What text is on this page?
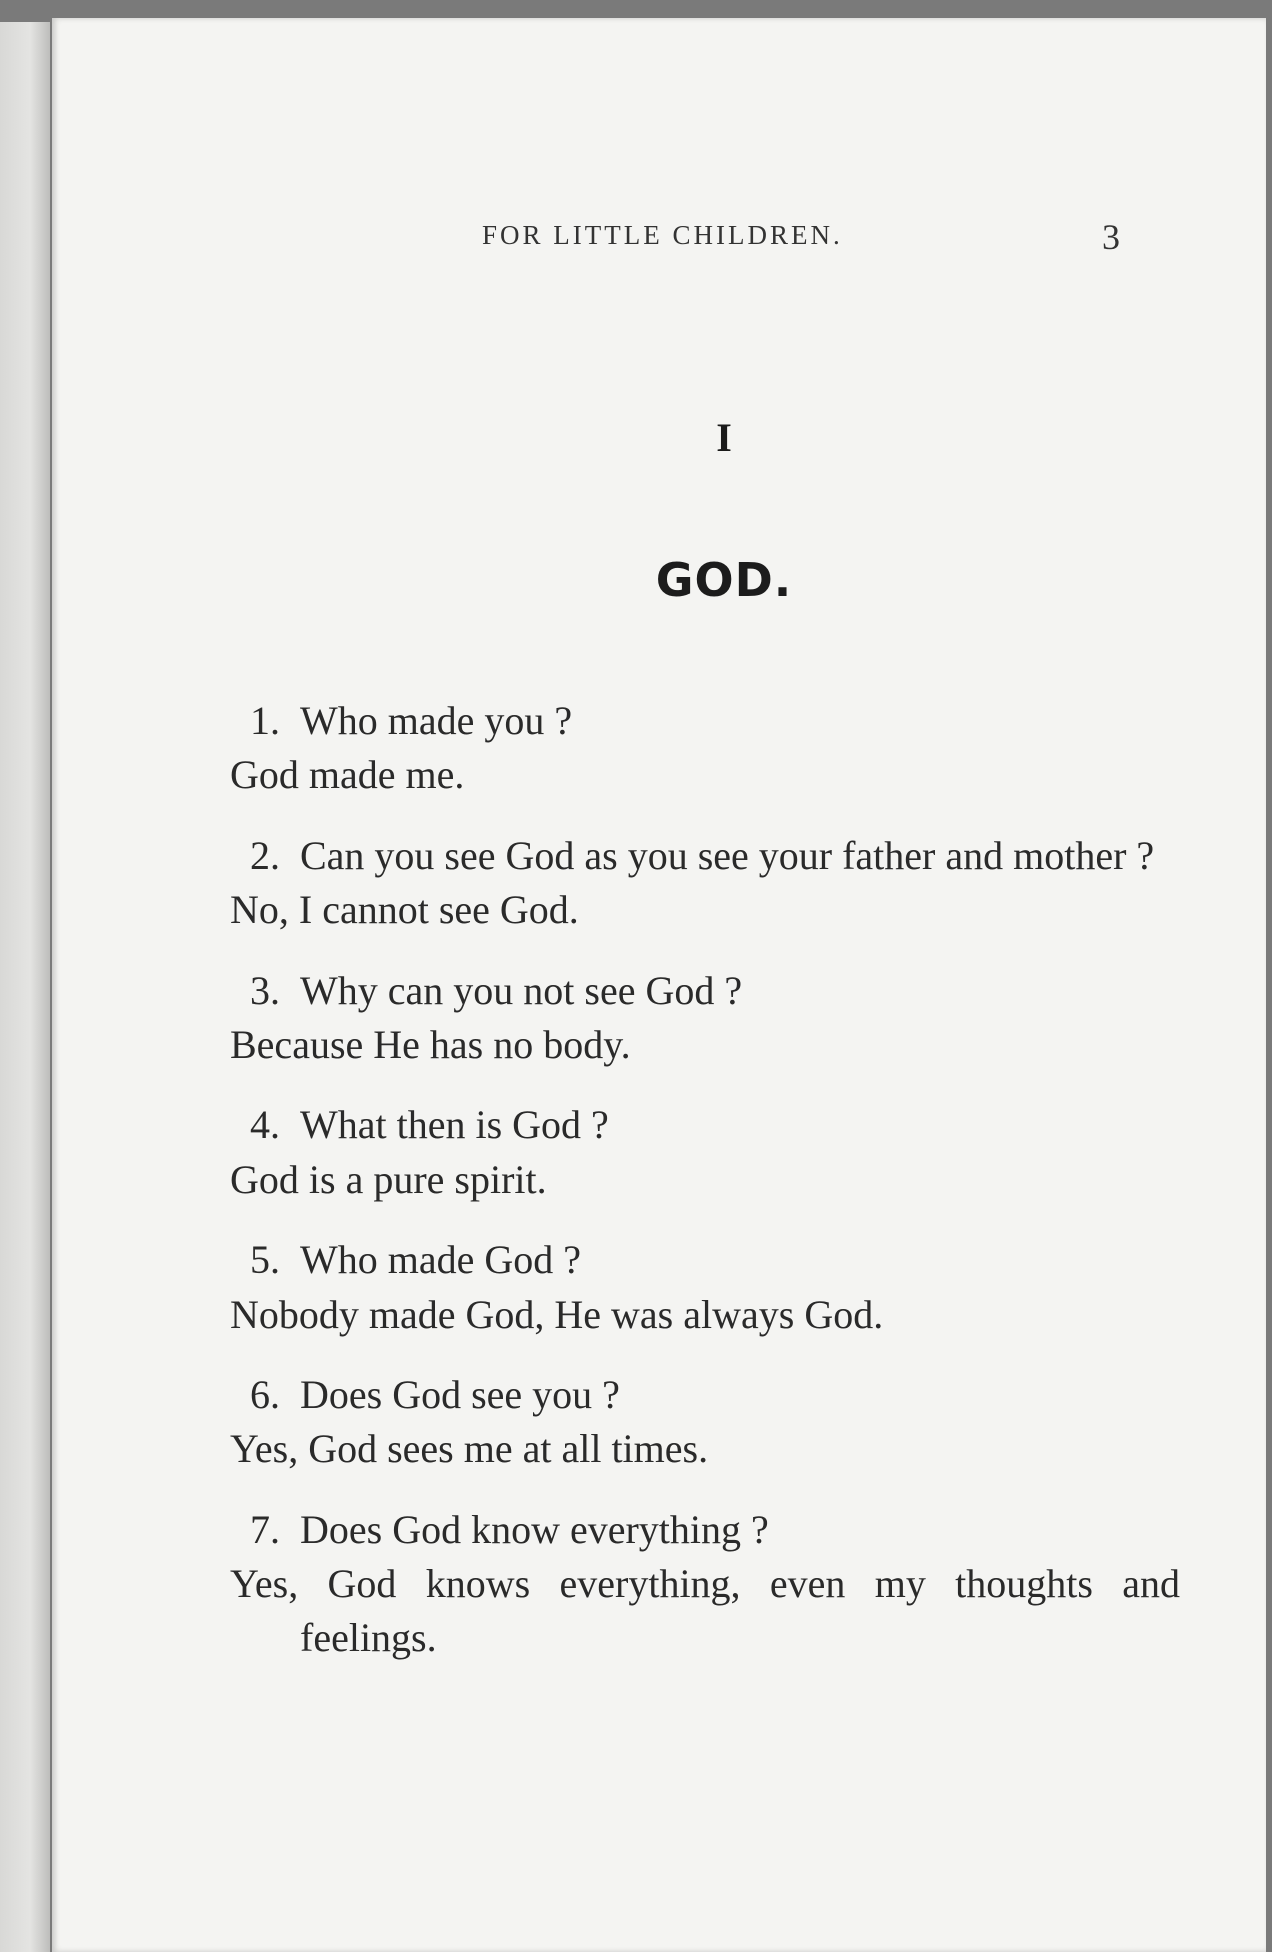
FOR LITTLE CHILDREN.	3
I
GOD.
1. Who made you ?
God made me.
2. Can you see God as you see your father and mother ?
No, I cannot see God.
3. Why can you not see God ?
Because He has no body.
4. What then is God ?
God is a pure spirit.
5. Who made God ?
Nobody made God, He was always God.
6. Does God see you ?
Yes, God sees me at all times.
7. Does God know everything ?
Yes, God knows everything, even my thoughts and feelings.
